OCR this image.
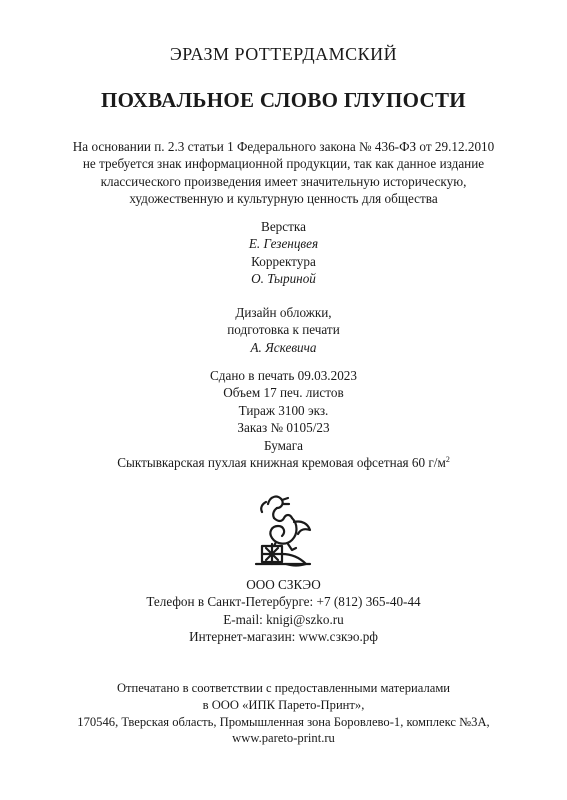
ЭРАЗМ РОТТЕРДАМСКИЙ
ПОХВАЛЬНОЕ СЛОВО ГЛУПОСТИ
На основании п. 2.3 статьи 1 Федерального закона № 436-ФЗ от 29.12.2010
не требуется знак информационной продукции, так как данное издание
классического произведения имеет значительную историческую,
художественную и культурную ценность для общества
Верстка
Е. Гезенцвея
Корректура
О. Тыриной
Дизайн обложки,
подготовка к печати
А. Яскевича
Сдано в печать 09.03.2023
Объем 17 печ. листов
Тираж 3100 экз.
Заказ № 0105/23
Бумага
Сыктывкарская пухлая книжная кремовая офсетная 60 $г/м^2$
ООО СЗКЭО
Телефон в Санкт-Петербурге: +7 (812) 365-40-44
E-mail: knigi@szko.ru
Интернет-магазин: www.сзкэо.рф
Отпечатано в соответствии с предоставленными материалами
в ООО «ИПК Парето-Принт»,
170546, Тверская область, Промышленная зона Боровлево-1, комплекс №3А,
www.pareto-print.ru
